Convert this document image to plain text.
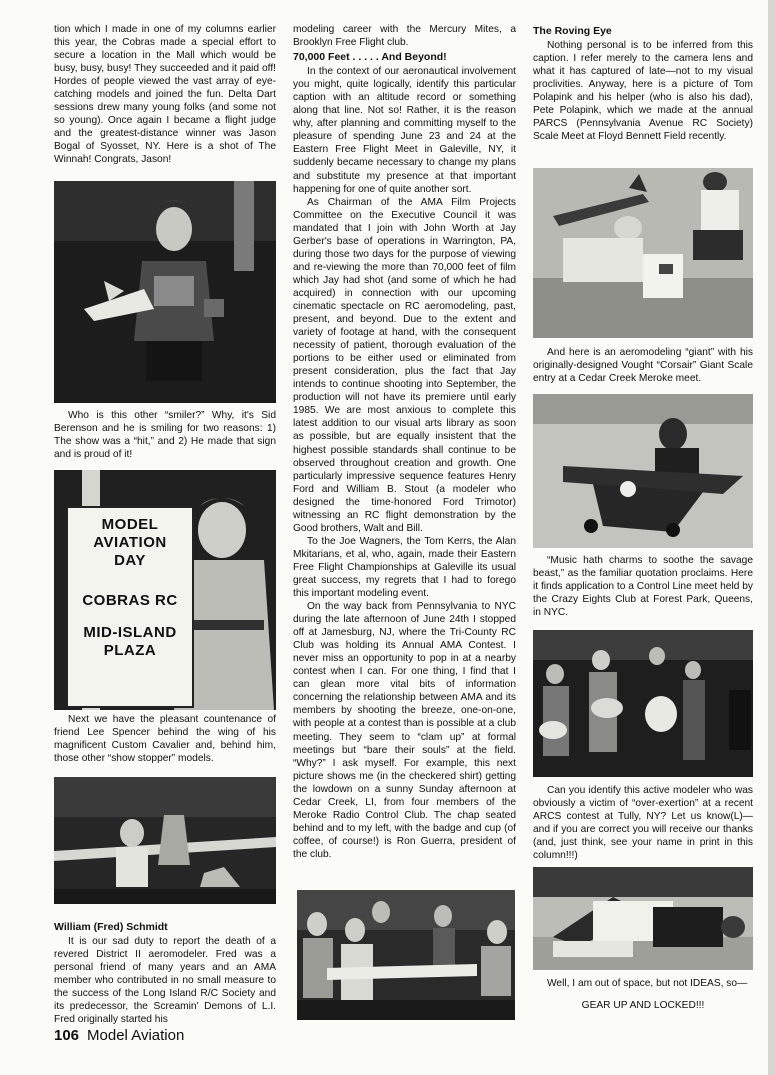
tion which I made in one of my columns earlier this year, the Cobras made a special effort to secure a location in the Mall which would be busy, busy, busy! They succeeded and it paid off! Hordes of people viewed the vast array of eye-catching models and joined the fun. Delta Dart sessions drew many young folks (and some not so young). Once again I became a flight judge and the greatest-distance winner was Jason Bogal of Syosset, NY. Here is a shot of The Winnah! Congrats, Jason!

Who is this other “smiler?” Why, it's Sid Berenson and he is smiling for two reasons: 1) The show was a “hit,” and 2) He made that sign and is proud of it!

MODEL
AVIATION
DAY
COBRAS RC
MID-ISLAND
PLAZA

Next we have the pleasant countenance of friend Lee Spencer behind the wing of his magnificent Custom Cavalier and, behind him, those other “show stopper” models.

William (Fred) Schmidt

It is our sad duty to report the death of a revered District II aeromodeler. Fred was a personal friend of many years and an AMA member who contributed in no small measure to the success of the Long Island R/C Society and its predecessor, the Screamin' Demons of L.I. Fred originally started his

modeling career with the Mercury Mites, a Brooklyn Free Flight club.

70,000 Feet . . . . . And Beyond!

In the context of our aeronautical involvement you might, quite logically, identify this particular caption with an altitude record or something along that line. Not so! Rather, it is the reason why, after planning and committing myself to the pleasure of spending June 23 and 24 at the Eastern Free Flight Meet in Galeville, NY, it suddenly became necessary to change my plans and substitute my presence at that important happening for one of quite another sort.

As Chairman of the AMA Film Projects Committee on the Executive Council it was mandated that I join with John Worth at Jay Gerber's base of operations in Warrington, PA, during those two days for the purpose of viewing and re-viewing the more than 70,000 feet of film which Jay had shot (and some of which he had acquired) in connection with our upcoming cinematic spectacle on RC aeromodeling, past, present, and beyond. Due to the extent and variety of footage at hand, with the consequent necessity of patient, thorough evaluation of the portions to be either used or eliminated from present consideration, plus the fact that Jay intends to continue shooting into September, the production will not have its premiere until early 1985. We are most anxious to complete this latest addition to our visual arts library as soon as possible, but are equally insistent that the highest possible standards shall continue to be observed throughout creation and growth. One particularly impressive sequence features Henry Ford and William B. Stout (a modeler who designed the time-honored Ford Trimotor) witnessing an RC flight demonstration by the Good brothers, Walt and Bill.

To the Joe Wagners, the Tom Kerrs, the Alan Mkitarians, et al, who, again, made their Eastern Free Flight Championships at Galeville its usual great success, my regrets that I had to forego this important modeling event.

On the way back from Pennsylvania to NYC during the late afternoon of June 24th I stopped off at Jamesburg, NJ, where the Tri-County RC Club was holding its Annual AMA Contest. I never miss an opportunity to pop in at a nearby contest when I can. For one thing, I find that I can glean more vital bits of information concerning the relationship between AMA and its members by shooting the breeze, one-on-one, with people at a contest than is possible at a club meeting. They seem to “clam up” at formal meetings but “bare their souls” at the field. “Why?” I ask myself. For example, this next picture shows me (in the checkered shirt) getting the lowdown on a sunny Sunday afternoon at Cedar Creek, LI, from four members of the Meroke Radio Control Club. The chap seated behind and to my left, with the badge and cup (of coffee, of course!) is Ron Guerra, president of the club.

The Roving Eye

Nothing personal is to be inferred from this caption. I refer merely to the camera lens and what it has captured of late—not to my visual proclivities. Anyway, here is a picture of Tom Polapink and his helper (who is also his dad), Pete Polapink, which we made at the annual PARCS (Pennsylvania Avenue RC Society) Scale Meet at Floyd Bennett Field recently.

And here is an aeromodeling “giant” with his originally-designed Vought “Corsair” Giant Scale entry at a Cedar Creek Meroke meet.

“Music hath charms to soothe the savage beast,” as the familiar quotation proclaims. Here it finds application to a Control Line meet held by the Crazy Eights Club at Forest Park, Queens, in NYC.

Can you identify this active modeler who was obviously a victim of “over-exertion” at a recent ARCS contest at Tully, NY? Let us know(L)—and if you are correct you will receive our thanks (and, just think, see your name in print in this column!!!)

Well, I am out of space, but not IDEAS, so—

GEAR UP AND LOCKED!!!

106 Model Aviation
